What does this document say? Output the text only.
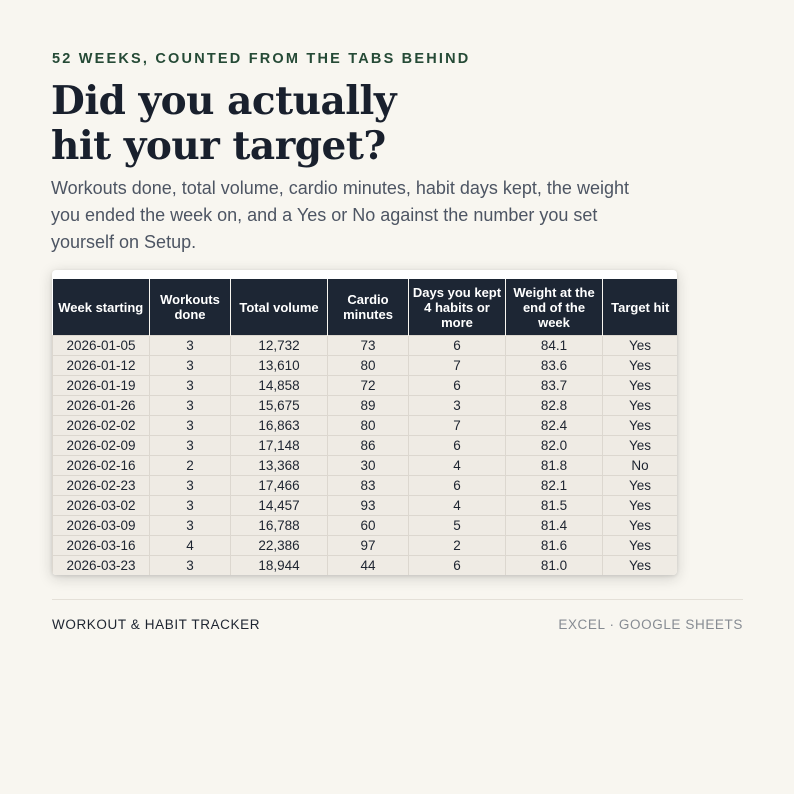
52 WEEKS, COUNTED FROM THE TABS BEHIND
Did you actually
hit your target?

Workouts done, total volume, cardio minutes, habit days kept, the weight
you ended the week on, and a Yes or No against the number you set
yourself on Setup.

Week starting	Workouts done	Total volume	Cardio minutes	Days you kept 4 habits or more	Weight at the end of the week	Target hit
2026-01-05	3	12,732	73	6	84.1	Yes
2026-01-12	3	13,610	80	7	83.6	Yes
2026-01-19	3	14,858	72	6	83.7	Yes
2026-01-26	3	15,675	89	3	82.8	Yes
2026-02-02	3	16,863	80	7	82.4	Yes
2026-02-09	3	17,148	86	6	82.0	Yes
2026-02-16	2	13,368	30	4	81.8	No
2026-02-23	3	17,466	83	6	82.1	Yes
2026-03-02	3	14,457	93	4	81.5	Yes
2026-03-09	3	16,788	60	5	81.4	Yes
2026-03-16	4	22,386	97	2	81.6	Yes
2026-03-23	3	18,944	44	6	81.0	Yes
WORKOUT & HABIT TRACKER	EXCEL · GOOGLE SHEETS
